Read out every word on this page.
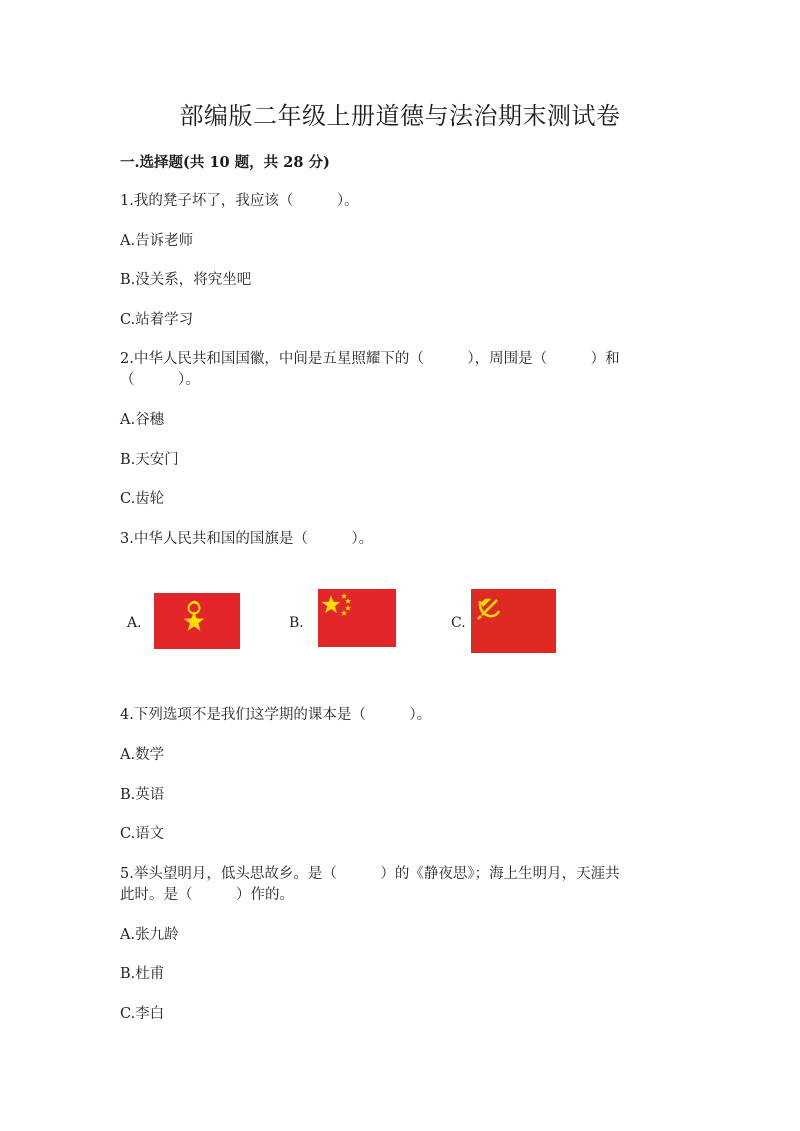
部编版二年级上册道德与法治期末测试卷
一.选择题(共 10 题，共 28 分)
1.我的凳子坏了，我应该（　　　）。
A.告诉老师
B.没关系，将究坐吧
C.站着学习
2.中华人民共和国国徽，中间是五星照耀下的（　　　），周围是（　　　）和
（　　　）。
A.谷穗
B.天安门
C.齿轮
3.中华人民共和国的国旗是（　　　）。
A.	B.	C.
4.下列选项不是我们这学期的课本是（　　　）。
A.数学
B.英语
C.语文
5.举头望明月，低头思故乡。是（　　　）的《静夜思》；海上生明月，天涯共
此时。是（　　　）作的。
A.张九龄
B.杜甫
C.李白
